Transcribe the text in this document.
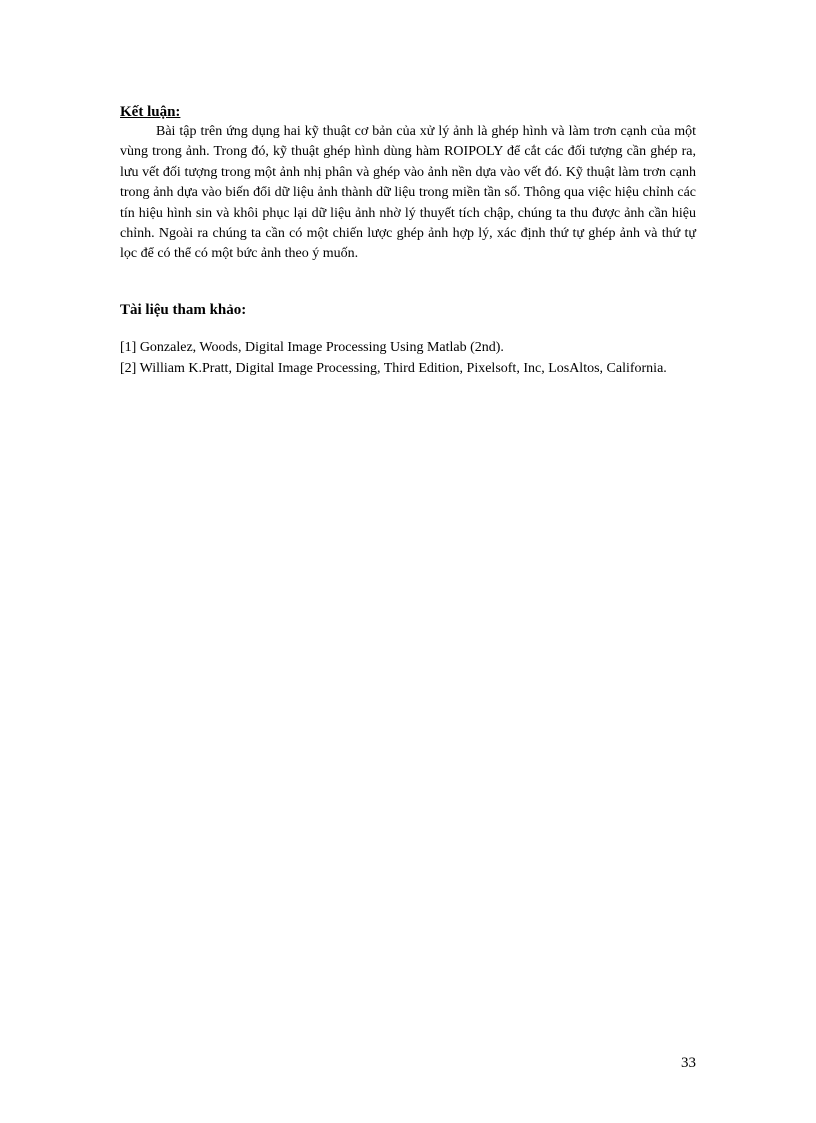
Kết luận:

Bài tập trên ứng dụng hai kỹ thuật cơ bản của xử lý ảnh là ghép hình và làm trơn cạnh của một vùng trong ảnh. Trong đó, kỹ thuật ghép hình dùng hàm ROIPOLY để cắt các đối tượng cần ghép ra, lưu vết đối tượng trong một ảnh nhị phân và ghép vào ảnh nền dựa vào vết đó. Kỹ thuật làm trơn cạnh trong ảnh dựa vào biến đổi dữ liệu ảnh thành dữ liệu trong miền tần số. Thông qua việc hiệu chỉnh các tín hiệu hình sin và khôi phục lại dữ liệu ảnh nhờ lý thuyết tích chập, chúng ta thu được ảnh cần hiệu chỉnh. Ngoài ra chúng ta cần có một chiến lược ghép ảnh hợp lý, xác định thứ tự ghép ảnh và thứ tự lọc để có thể có một bức ảnh theo ý muốn.

Tài liệu tham khảo:
[1] Gonzalez, Woods, Digital Image Processing Using Matlab (2nd).
[2] William K.Pratt, Digital Image Processing, Third Edition, Pixelsoft, Inc, LosAltos, California.
33
